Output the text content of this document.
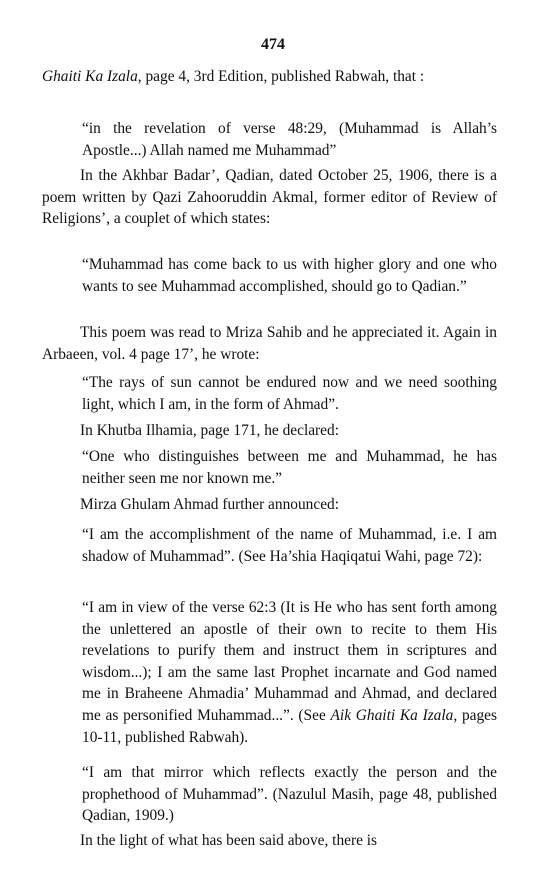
474

Ghaiti Ka Izala, page 4, 3rd Edition, published Rabwah, that :

“in the revelation of verse 48:29, (Muhammad is Allah’s Apostle...) Allah named me Muhammad”

In the Akhbar Badar’, Qadian, dated October 25, 1906, there is a poem written by Qazi Zahooruddin Akmal, former editor of Review of Religions’, a couplet of which states:

“Muhammad has come back to us with higher glory and one who wants to see Muhammad accomplished, should go to Qadian.”

This poem was read to Mriza Sahib and he appreciated it. Again in Arbaeen, vol. 4 page 17’, he wrote:

“The rays of sun cannot be endured now and we need soothing light, which I am, in the form of Ahmad”.

In Khutba Ilhamia, page 171, he declared:

“One who distinguishes between me and Muhammad, he has neither seen me nor known me.”

Mirza Ghulam Ahmad further announced:

“I am the accomplishment of the name of Muhammad, i.e. I am shadow of Muhammad”. (See Ha’shia Haqiqatui Wahi, page 72):

“I am in view of the verse 62:3 (It is He who has sent forth among the unlettered an apostle of their own to recite to them His revelations to purify them and instruct them in scriptures and wisdom...); I am the same last Prophet incarnate and God named me in Braheene Ahmadia’ Muhammad and Ahmad, and declared me as personified Muhammad...”. (See Aik Ghaiti Ka Izala, pages 10-11, published Rabwah).

“I am that mirror which reflects exactly the person and the prophethood of Muhammad”. (Nazulul Masih, page 48, published Qadian, 1909.)

In the light of what has been said above, there is
